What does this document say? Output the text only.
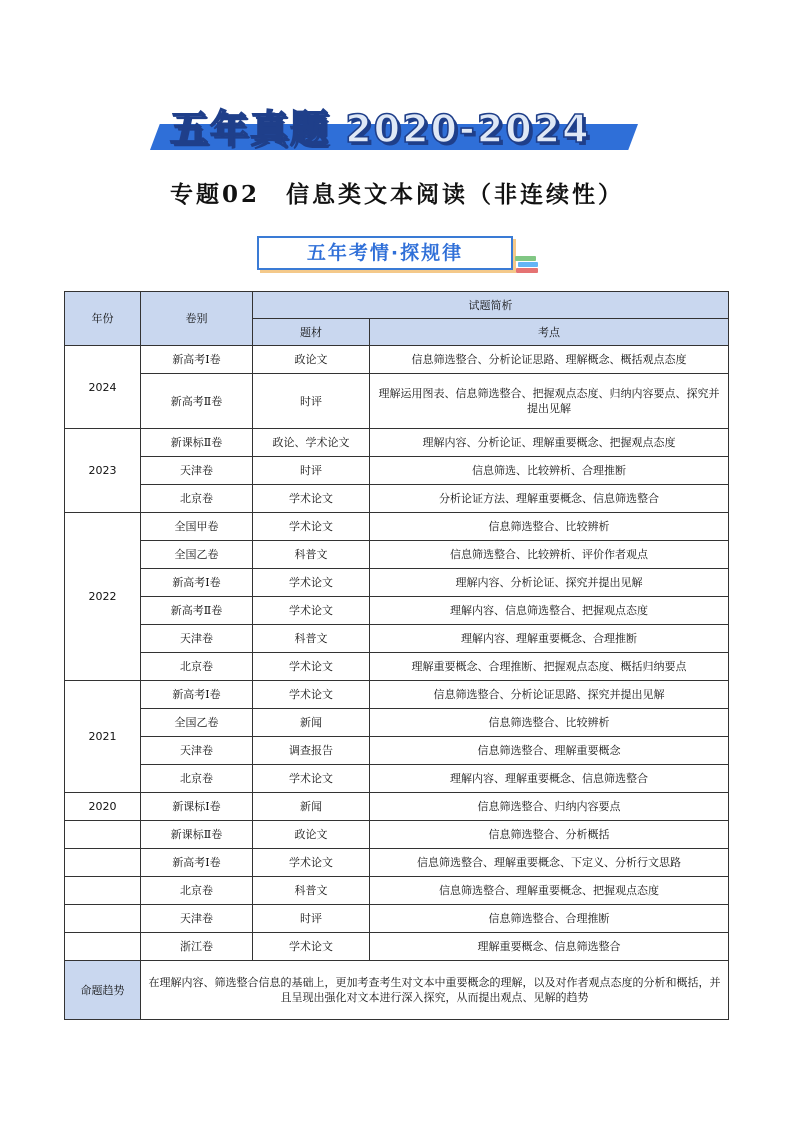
五年真题 2020-2024
专题02　信息类文本阅读（非连续性）
五年考情·探规律
年份	卷别	试题简析	
		题材	考点
2024	新高考Ⅰ卷	政论文	信息筛选整合、分析论证思路、理解概念、概括观点态度
	新高考Ⅱ卷	时评	理解运用图表、信息筛选整合、把握观点态度、归纳内容要点、探究并提出见解
2023	新课标Ⅱ卷	政论、学术论文	理解内容、分析论证、理解重要概念、把握观点态度
	天津卷	时评	信息筛选、比较辨析、合理推断
	北京卷	学术论文	分析论证方法、理解重要概念、信息筛选整合
2022	全国甲卷	学术论文	信息筛选整合、比较辨析
	全国乙卷	科普文	信息筛选整合、比较辨析、评价作者观点
	新高考Ⅰ卷	学术论文	理解内容、分析论证、探究并提出见解
	新高考Ⅱ卷	学术论文	理解内容、信息筛选整合、把握观点态度
	天津卷	科普文	理解内容、理解重要概念、合理推断
	北京卷	学术论文	理解重要概念、合理推断、把握观点态度、概括归纳要点
2021	新高考Ⅰ卷	学术论文	信息筛选整合、分析论证思路、探究并提出见解
	全国乙卷	新闻	信息筛选整合、比较辨析
	天津卷	调查报告	信息筛选整合、理解重要概念
	北京卷	学术论文	理解内容、理解重要概念、信息筛选整合
2020	新课标Ⅰ卷	新闻	信息筛选整合、归纳内容要点
	新课标Ⅱ卷	政论文	信息筛选整合、分析概括
	新高考Ⅰ卷	学术论文	信息筛选整合、理解重要概念、下定义、分析行文思路
	北京卷	科普文	信息筛选整合、理解重要概念、把握观点态度
	天津卷	时评	信息筛选整合、合理推断
	浙江卷	学术论文	理解重要概念、信息筛选整合
命题趋势	在理解内容、筛选整合信息的基础上，更加考查考生对文本中重要概念的理解，以及对作者观点态度的分析和概括，并且呈现出强化对文本进行深入探究，从而提出观点、见解的趋势		
